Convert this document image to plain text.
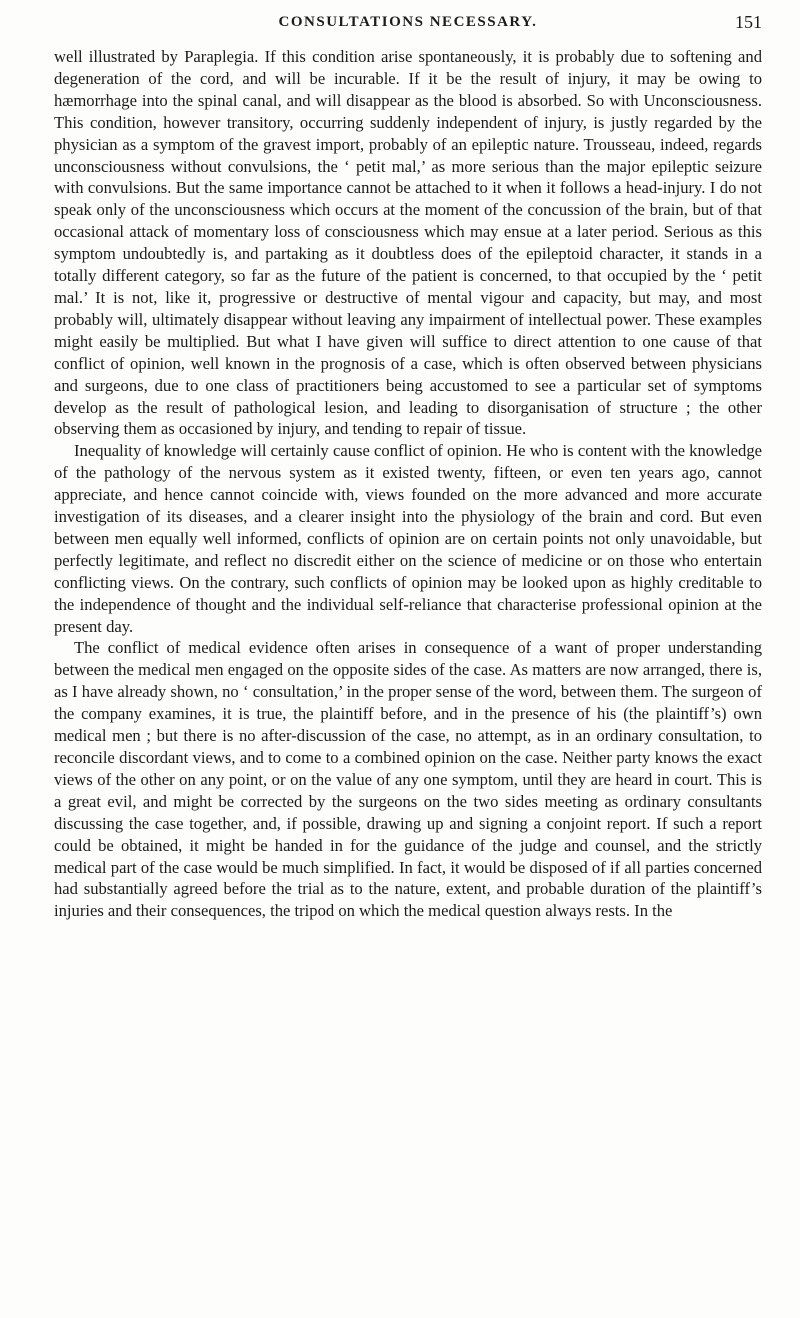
CONSULTATIONS NECESSARY.	151

well illustrated by Paraplegia. If this condition arise spontaneously, it is probably due to softening and degeneration of the cord, and will be incurable. If it be the result of injury, it may be owing to hæmorrhage into the spinal canal, and will disappear as the blood is absorbed. So with Unconsciousness. This condition, however transitory, occurring suddenly independent of injury, is justly regarded by the physician as a symptom of the gravest import, probably of an epileptic nature. Trousseau, indeed, regards unconsciousness without convulsions, the ‘ petit mal,’ as more serious than the major epileptic seizure with convulsions. But the same importance cannot be attached to it when it follows a head-injury. I do not speak only of the unconsciousness which occurs at the moment of the concussion of the brain, but of that occasional attack of momentary loss of consciousness which may ensue at a later period. Serious as this symptom undoubtedly is, and partaking as it doubtless does of the epileptoid character, it stands in a totally different category, so far as the future of the patient is concerned, to that occupied by the ‘ petit mal.’ It is not, like it, progressive or destructive of mental vigour and capacity, but may, and most probably will, ultimately disappear without leaving any impairment of intellectual power. These examples might easily be multiplied. But what I have given will suffice to direct attention to one cause of that conflict of opinion, well known in the prognosis of a case, which is often observed between physicians and surgeons, due to one class of practitioners being accustomed to see a particular set of symptoms develop as the result of pathological lesion, and leading to disorganisation of structure ; the other observing them as occasioned by injury, and tending to repair of tissue.

Inequality of knowledge will certainly cause conflict of opinion. He who is content with the knowledge of the pathology of the nervous system as it existed twenty, fifteen, or even ten years ago, cannot appreciate, and hence cannot coincide with, views founded on the more advanced and more accurate investigation of its diseases, and a clearer insight into the physiology of the brain and cord. But even between men equally well informed, conflicts of opinion are on certain points not only unavoidable, but perfectly legitimate, and reflect no discredit either on the science of medicine or on those who entertain conflicting views. On the contrary, such conflicts of opinion may be looked upon as highly creditable to the independence of thought and the individual self-reliance that characterise professional opinion at the present day.

The conflict of medical evidence often arises in consequence of a want of proper understanding between the medical men engaged on the opposite sides of the case. As matters are now arranged, there is, as I have already shown, no ‘ consultation,’ in the proper sense of the word, between them. The surgeon of the company examines, it is true, the plaintiff before, and in the presence of his (the plaintiff’s) own medical men ; but there is no after-discussion of the case, no attempt, as in an ordinary consultation, to reconcile discordant views, and to come to a combined opinion on the case. Neither party knows the exact views of the other on any point, or on the value of any one symptom, until they are heard in court. This is a great evil, and might be corrected by the surgeons on the two sides meeting as ordinary consultants discussing the case together, and, if possible, drawing up and signing a conjoint report. If such a report could be obtained, it might be handed in for the guidance of the judge and counsel, and the strictly medical part of the case would be much simplified. In fact, it would be disposed of if all parties concerned had substantially agreed before the trial as to the nature, extent, and probable duration of the plaintiff’s injuries and their consequences, the tripod on which the medical question always rests. In the
